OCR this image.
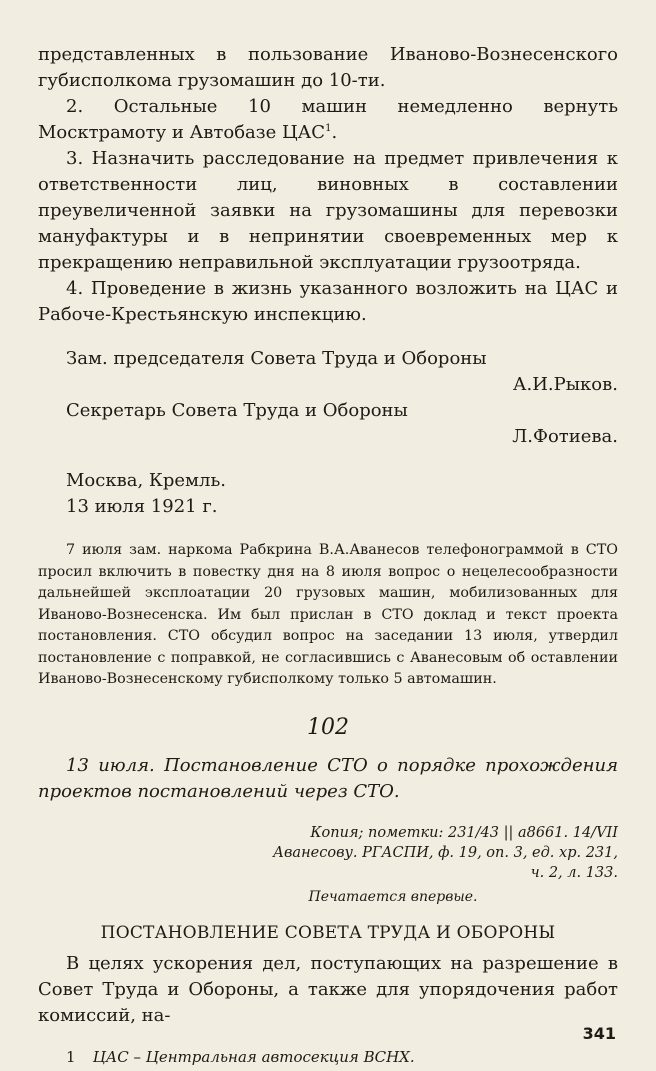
представленных в пользование Иваново-Вознесенского губисполкома грузомашин до 10-ти.

2. Остальные 10 машин немедленно вернуть Москтрамоту и Автобазе ЦАС$^1$.

3. Назначить расследование на предмет привлечения к ответственности лиц, виновных в составлении преувеличенной заявки на грузомашины для перевозки мануфактуры и в непринятии своевременных мер к прекращению неправильной эксплуатации грузоотряда.

4. Проведение в жизнь указанного возложить на ЦАС и Рабоче-Крестьянскую инспекцию.

Зам. председателя Совета Труда и Обороны
А.И.Рыков.
Секретарь Совета Труда и Обороны
Л.Фотиева.
Москва, Кремль.
13 июля 1921 г.

7 июля зам. наркома Рабкрина В.А.Аванесов телефонограммой в СТО просил включить в повестку дня на 8 июля вопрос о нецелесообразности дальнейшей эксплоатации 20 грузовых машин, мобилизованных для Иваново-Вознесенска. Им был прислан в СТО доклад и текст проекта постановления. СТО обсудил вопрос на заседании 13 июля, утвердил постановление с поправкой, не согласившись с Аванесовым об оставлении Иваново-Вознесенскому губисполкому только 5 автомашин.

102

13 июля. Постановление СТО о порядке прохождения проектов постановлений через СТО.

Копия; пометки: 231/43 || а8661. 14/VII
Аванесову. РГАСПИ, ф. 19, оп. 3, ед. хр. 231,
ч. 2, л. 133.
Печатается впервые.
ПОСТАНОВЛЕНИЕ СОВЕТА ТРУДА И ОБОРОНЫ

В целях ускорения дел, поступающих на разрешение в Совет Труда и Обороны, а также для упорядочения работ комиссий, на-

1 ЦАС – Центральная автосекция ВСНХ.
341
